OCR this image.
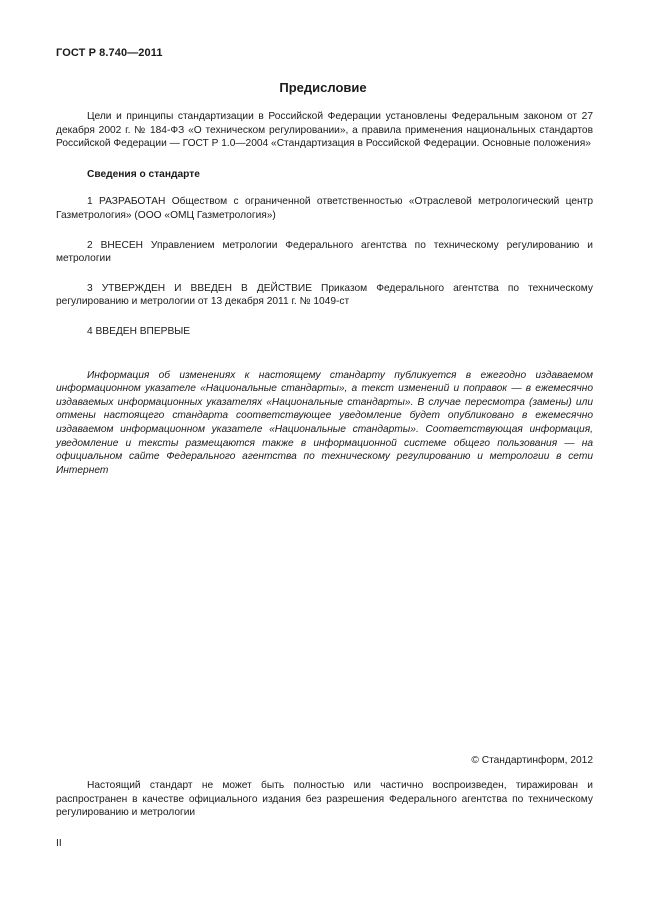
ГОСТ Р 8.740—2011
Предисловие

Цели и принципы стандартизации в Российской Федерации установлены Федеральным законом от 27 декабря 2002 г. № 184-ФЗ «О техническом регулировании», а правила применения национальных стандартов Российской Федерации — ГОСТ Р 1.0—2004 «Стандартизация в Российской Федерации. Основные положения»

Сведения о стандарте

1 РАЗРАБОТАН Обществом с ограниченной ответственностью «Отраслевой метрологический центр Газметрология» (ООО «ОМЦ Газметрология»)

2 ВНЕСЕН Управлением метрологии Федерального агентства по техническому регулированию и метрологии

3 УТВЕРЖДЕН И ВВЕДЕН В ДЕЙСТВИЕ Приказом Федерального агентства по техническому регулированию и метрологии от 13 декабря 2011 г. № 1049-ст

4 ВВЕДЕН ВПЕРВЫЕ

Информация об изменениях к настоящему стандарту публикуется в ежегодно издаваемом информационном указателе «Национальные стандарты», а текст изменений и поправок — в ежемесячно издаваемых информационных указателях «Национальные стандарты». В случае пересмотра (замены) или отмены настоящего стандарта соответствующее уведомление будет опубликовано в ежемесячно издаваемом информационном указателе «Национальные стандарты». Соответствующая информация, уведомление и тексты размещаются также в информационной системе общего пользования — на официальном сайте Федерального агентства по техническому регулированию и метрологии в сети Интернет

© Стандартинформ, 2012

Настоящий стандарт не может быть полностью или частично воспроизведен, тиражирован и распространен в качестве официального издания без разрешения Федерального агентства по техническому регулированию и метрологии

II
